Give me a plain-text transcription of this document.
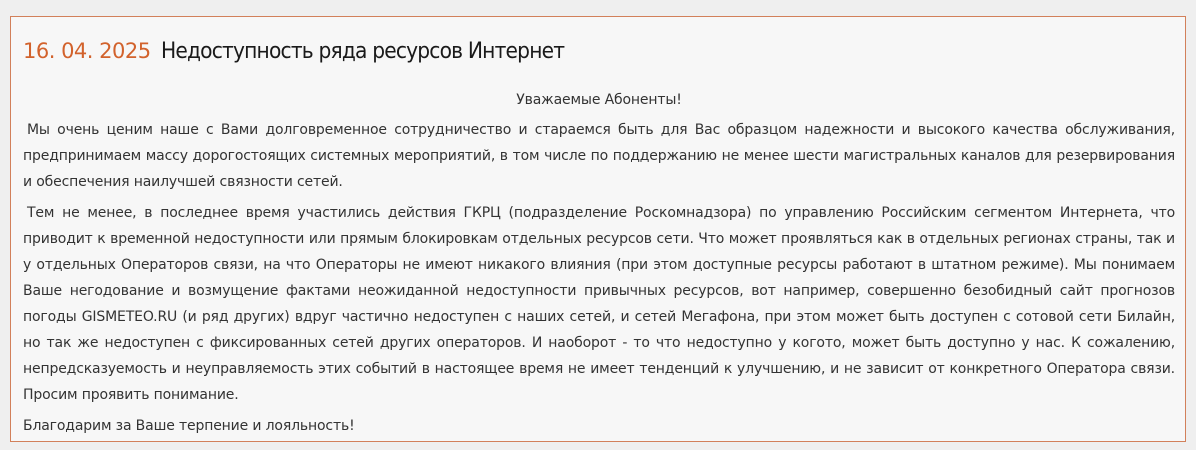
16. 04. 2025 Недоступность ряда ресурсов Интернет

Уважаемые Абоненты!

Мы очень ценим наше с Вами долговременное сотрудничество и стараемся быть для Вас образцом надежности и высокого качества обслуживания, предпринимаем массу дорогостоящих системных мероприятий, в том числе по поддержанию не менее шести магистральных каналов для резервирования и обеспечения наилучшей связности сетей.

Тем не менее, в последнее время участились действия ГКРЦ (подразделение Роскомнадзора) по управлению Российским сегментом Интернета, что приводит к временной недоступности или прямым блокировкам отдельных ресурсов сети. Что может проявляться как в отдельных регионах страны, так и у отдельных Операторов связи, на что Операторы не имеют никакого влияния (при этом доступные ресурсы работают в штатном режиме). Мы понимаем Ваше негодование и возмущение фактами неожиданной недоступности привычных ресурсов, вот например, совершенно безобидный сайт прогнозов погоды GISMETEO.RU (и ряд других) вдруг частично недоступен с наших сетей, и сетей Мегафона, при этом может быть доступен с сотовой сети Билайн, но так же недоступен с фиксированных сетей других операторов. И наоборот - то что недоступно у когото, может быть доступно у нас. К сожалению, непредсказуемость и неуправляемость этих событий в настоящее время не имеет тенденций к улучшению, и не зависит от конкретного Оператора связи. Просим проявить понимание.

Благодарим за Ваше терпение и лояльность!
